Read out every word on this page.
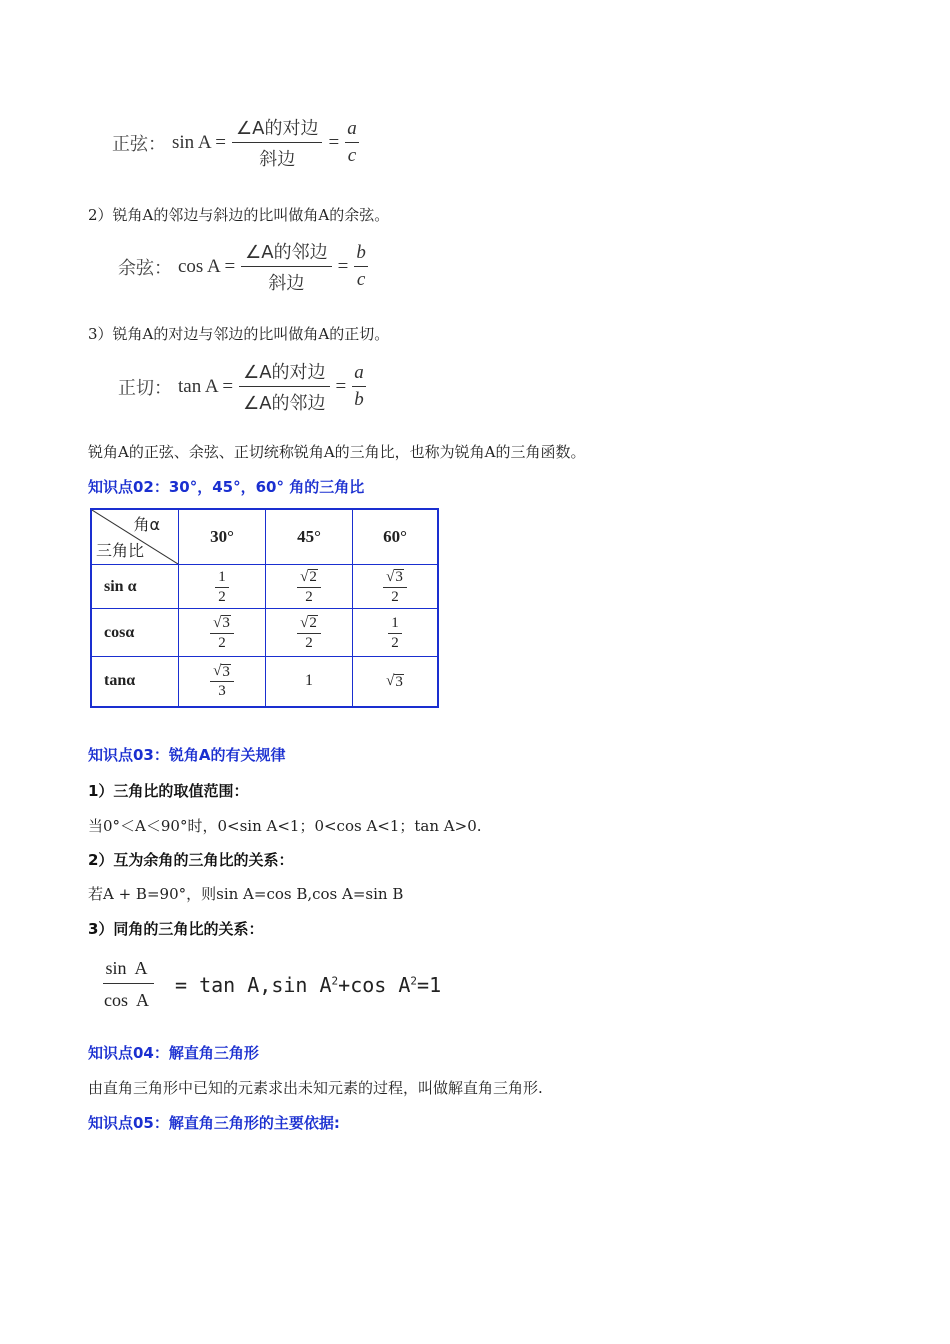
正弦： $\sin A = \frac{\text{∠A的对边}}{\text{斜边}} = \frac{a}{c}$
2）锐角A的邻边与斜边的比叫做角A的余弦。
余弦： $\cos A = \frac{\text{∠A的邻边}}{\text{斜边}} = \frac{b}{c}$
3）锐角A的对边与邻边的比叫做角A的正切。
正切： $\tan A = \frac{\text{∠A的对边}}{\text{∠A的邻边}} = \frac{a}{b}$
锐角A的正弦、余弦、正切统称锐角A的三角比，也称为锐角A的三角函数。
知识点02：30°，45°，60° 角的三角比
角α
三角比	30°	45°	60°
sin α	$\frac{1}{2}$	$\frac{√ 2}{2}$	$\frac{√ 3}{2}$

cosα	$\frac{√ 3}{2}$	$\frac{√ 2}{2}$	$\frac{1}{2}$

tanα	$\frac{√ 3}{3}$	1	√ 3
知识点03：锐角A的有关规律
1）三角比的取值范围：
当0°＜A＜90°时，0<sin A<1；0<cos A<1；tan A>0.
2）互为余角的三角比的关系：
若A + B=90°，则sin A=cos B,cos A=sin B
3）同角的三角比的关系：
$\frac{\text{sin  A}}{\text{cos  A}} = \tan A,\sin$ $A^2+\cos$ $A^2=1$
知识点04：解直角三角形
由直角三角形中已知的元素求出未知元素的过程，叫做解直角三角形.
知识点05：解直角三角形的主要依据:
